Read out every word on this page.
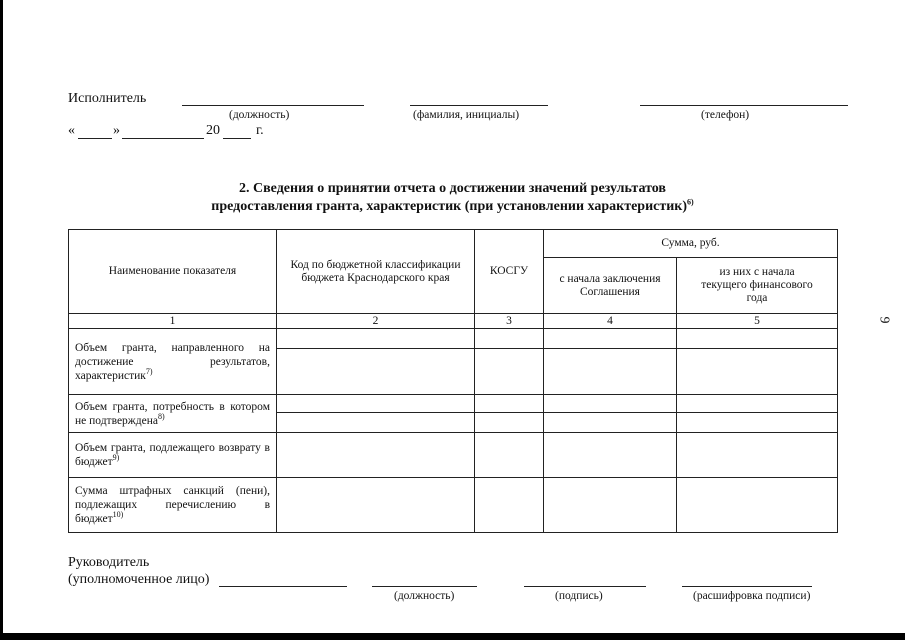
Исполнитель
(должность)	(фамилия, инициалы)	(телефон)
«	»	20	г.
2. Сведения о принятии отчета о достижении значений результатов
предоставления гранта, характеристик (при установлении характеристик)$^{6)}$
Наименование показателя	Код по бюджетной классификации бюджета Краснодарского края	КОСГУ	Сумма, руб.	
			с начала заключения Соглашения	из них с начала текущего финансового года
1	2	3	4	5
Объем гранта, направленного на достижение результатов, характеристик$^{7)}$				

Объем гранта, потребность в котором не подтверждена$^{8)}$				

Объем гранта, подлежащего возврату в бюджет$^{9)}$				
Сумма штрафных санкций (пени), подлежащих перечислению в бюджет$^{10)}$				
Руководитель
(уполномоченное лицо)
(должность)	(подпись)	(расшифровка подписи)
9
